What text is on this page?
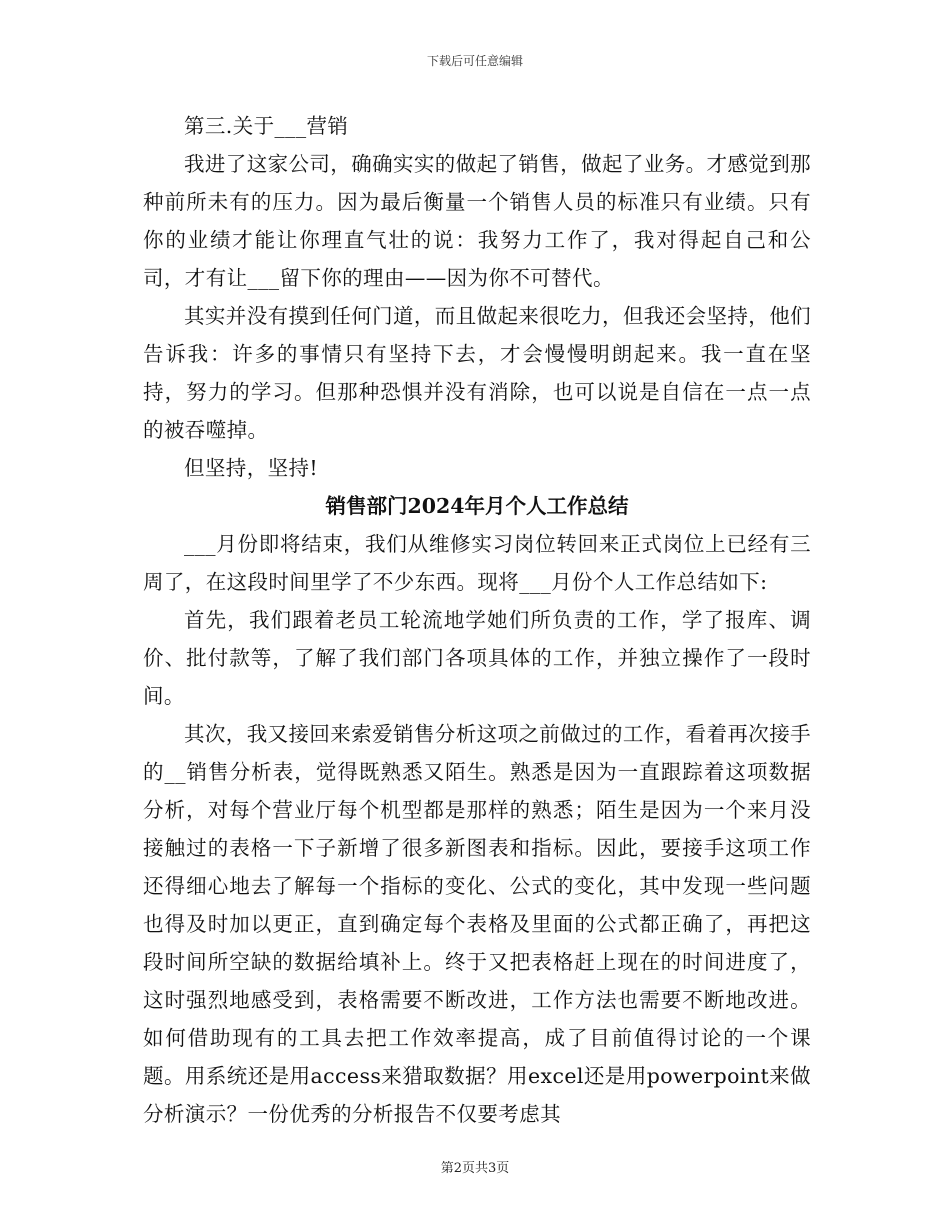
下载后可任意编辑

第三.关于___营销

我进了这家公司，确确实实的做起了销售，做起了业务。才感觉到那种前所未有的压力。因为最后衡量一个销售人员的标准只有业绩。只有你的业绩才能让你理直气壮的说：我努力工作了，我对得起自己和公司，才有让___留下你的理由——因为你不可替代。

其实并没有摸到任何门道，而且做起来很吃力，但我还会坚持，他们告诉我：许多的事情只有坚持下去，才会慢慢明朗起来。我一直在坚持，努力的学习。但那种恐惧并没有消除，也可以说是自信在一点一点的被吞噬掉。

但坚持，坚持!

销售部门2024年月个人工作总结

___月份即将结束，我们从维修实习岗位转回来正式岗位上已经有三周了，在这段时间里学了不少东西。现将___月份个人工作总结如下:

首先，我们跟着老员工轮流地学她们所负责的工作，学了报库、调价、批付款等，了解了我们部门各项具体的工作，并独立操作了一段时间。

其次，我又接回来索爱销售分析这项之前做过的工作，看着再次接手的__销售分析表，觉得既熟悉又陌生。熟悉是因为一直跟踪着这项数据分析，对每个营业厅每个机型都是那样的熟悉；陌生是因为一个来月没接触过的表格一下子新增了很多新图表和指标。因此，要接手这项工作还得细心地去了解每一个指标的变化、公式的变化，其中发现一些问题也得及时加以更正，直到确定每个表格及里面的公式都正确了，再把这段时间所空缺的数据给填补上。终于又把表格赶上现在的时间进度了，这时强烈地感受到，表格需要不断改进，工作方法也需要不断地改进。如何借助现有的工具去把工作效率提高，成了目前值得讨论的一个课题。用系统还是用access来猎取数据？用excel还是用powerpoint来做分析演示？一份优秀的分析报告不仅要考虑其

第2页共3页
